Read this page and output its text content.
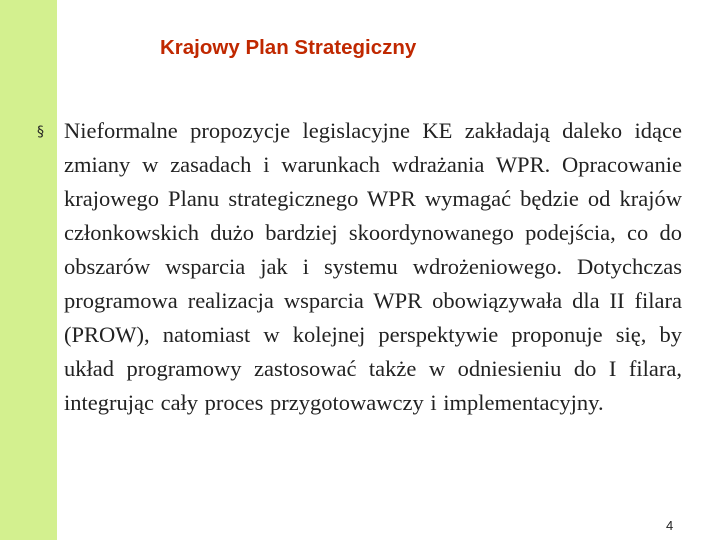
Krajowy Plan Strategiczny
§ Nieformalne propozycje legislacyjne KE zakładają daleko idące zmiany w zasadach i warunkach wdrażania WPR. Opracowanie krajowego Planu strategicznego WPR wymagać będzie od krajów członkowskich dużo bardziej skoordynowanego podejścia, co do obszarów wsparcia jak i systemu wdrożeniowego. Dotychczas programowa realizacja wsparcia WPR obowiązywała dla II filara (PROW), natomiast w kolejnej perspektywie proponuje się, by układ programowy zastosować także w odniesieniu do I filara, integrując cały proces przygotowawczy i implementacyjny.

4
